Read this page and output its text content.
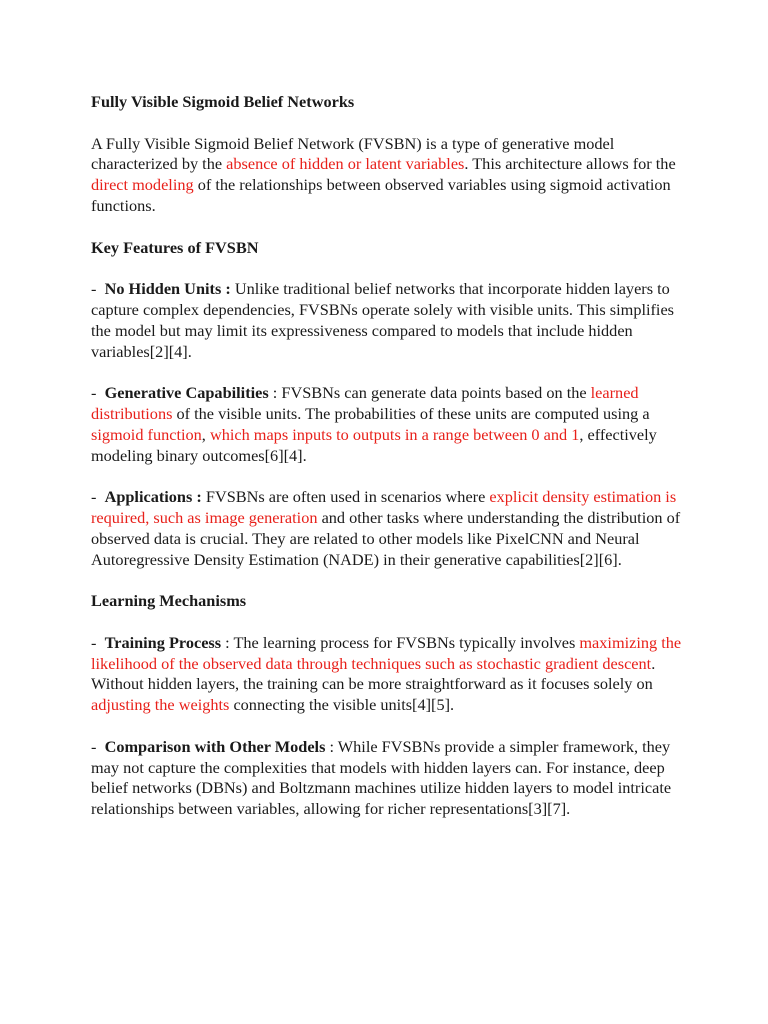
Fully Visible Sigmoid Belief Networks

A Fully Visible Sigmoid Belief Network (FVSBN) is a type of generative model characterized by the absence of hidden or latent variables. This architecture allows for the direct modeling of the relationships between observed variables using sigmoid activation functions.

Key Features of FVSBN

-  No Hidden Units : Unlike traditional belief networks that incorporate hidden layers to capture complex dependencies, FVSBNs operate solely with visible units. This simplifies the model but may limit its expressiveness compared to models that include hidden variables[2][4].

-  Generative Capabilities : FVSBNs can generate data points based on the learned distributions of the visible units. The probabilities of these units are computed using a sigmoid function, which maps inputs to outputs in a range between 0 and 1, effectively modeling binary outcomes[6][4].

-  Applications : FVSBNs are often used in scenarios where explicit density estimation is required, such as image generation and other tasks where understanding the distribution of observed data is crucial. They are related to other models like PixelCNN and Neural Autoregressive Density Estimation (NADE) in their generative capabilities[2][6].

Learning Mechanisms

-  Training Process : The learning process for FVSBNs typically involves maximizing the likelihood of the observed data through techniques such as stochastic gradient descent. Without hidden layers, the training can be more straightforward as it focuses solely on adjusting the weights connecting the visible units[4][5].

-  Comparison with Other Models : While FVSBNs provide a simpler framework, they may not capture the complexities that models with hidden layers can. For instance, deep belief networks (DBNs) and Boltzmann machines utilize hidden layers to model intricate relationships between variables, allowing for richer representations[3][7].
